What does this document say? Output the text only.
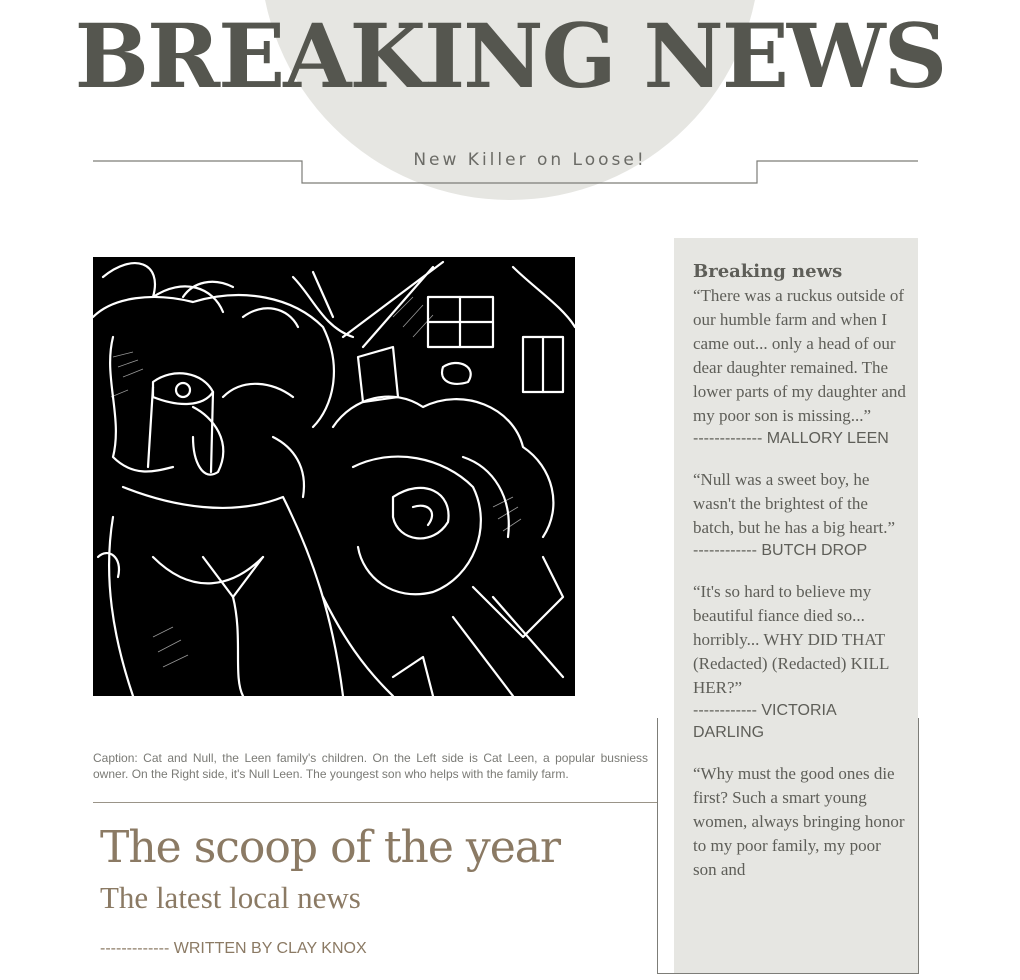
BREAKING NEWS
New Killer on Loose!
Caption: Cat and Null, the Leen family's children. On the Left side is Cat Leen, a popular busniess owner. On the Right side, it's Null Leen. The youngest son who helps with the family farm.
The scoop of the year
The latest local news
------------- WRITTEN BY CLAY KNOX
Breaking news

“There was a ruckus outside of our humble farm and when I came out... only a head of our dear daughter remained. The lower parts of my daughter and my poor son is missing...”

------------- MALLORY LEEN

“Null was a sweet boy, he wasn't the brightest of the batch, but he has a big heart.”

------------ BUTCH DROP

“It's so hard to believe my beautiful fiance died so... horribly... WHY DID THAT (Redacted) (Redacted) KILL HER?”

------------ VICTORIA DARLING

“Why must the good ones die first? Such a smart young women, always bringing honor to my poor family, my poor son and
